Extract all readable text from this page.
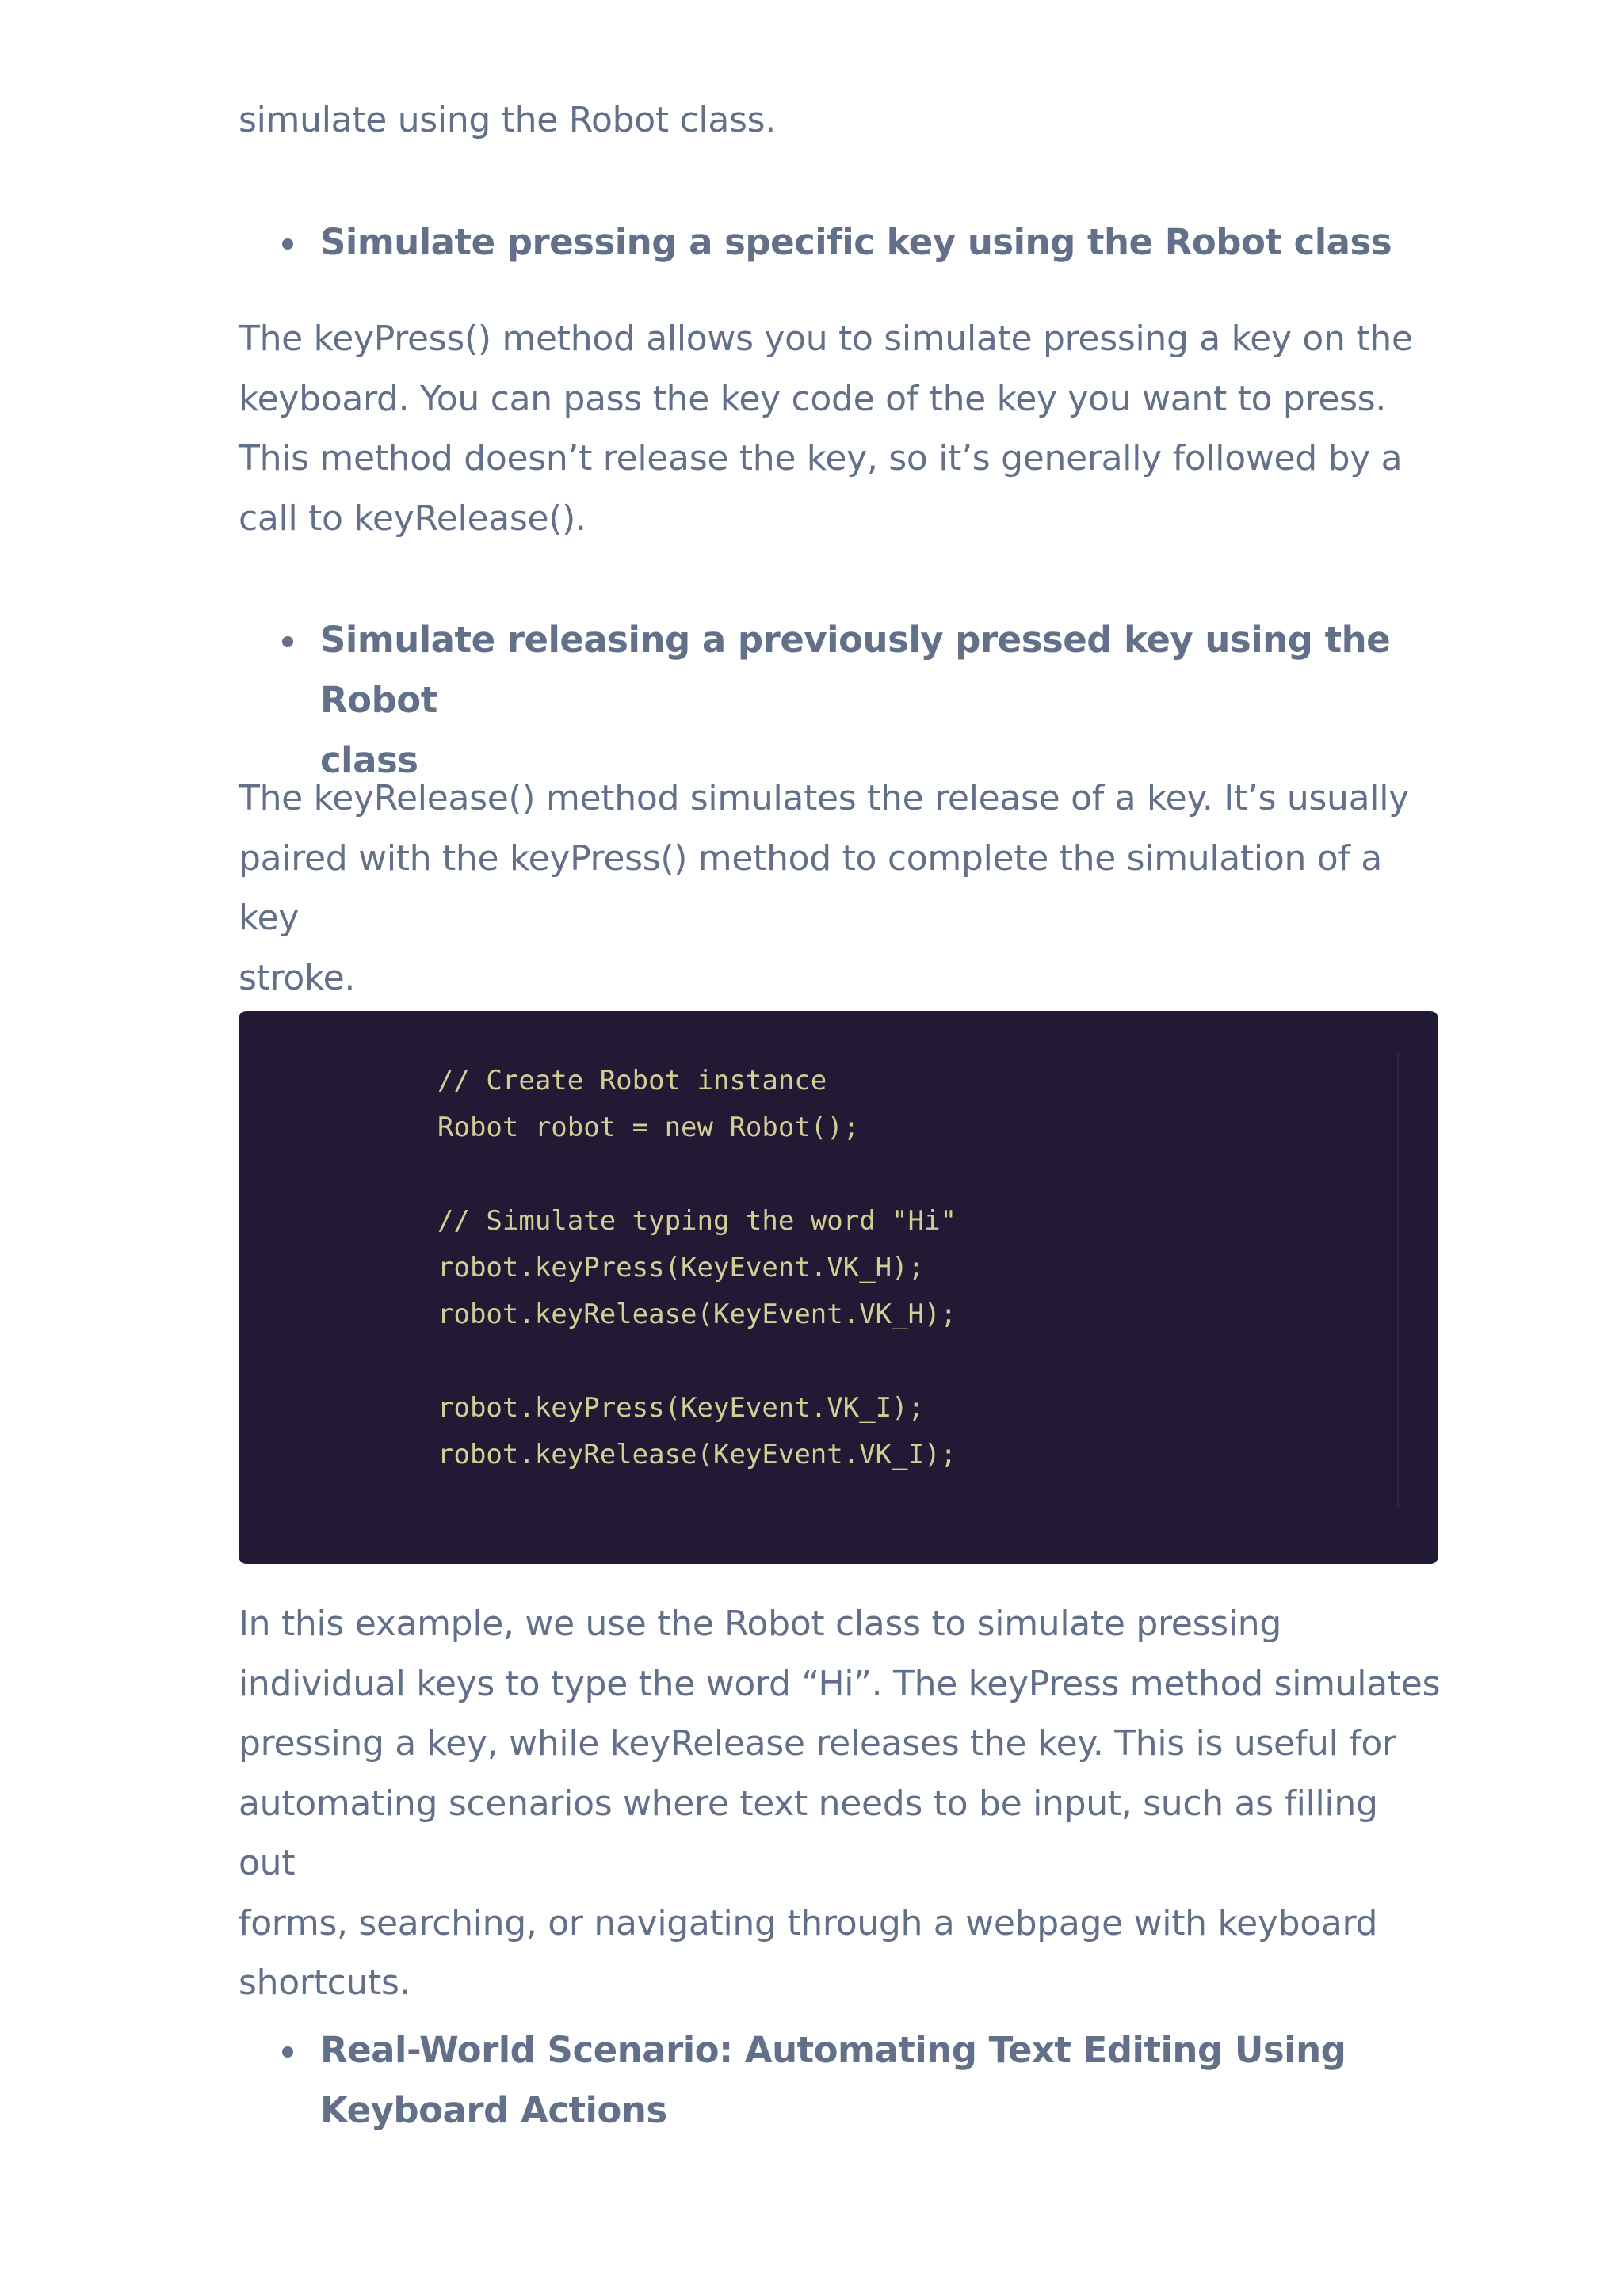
simulate using the Robot class.

Simulate pressing a specific key using the Robot class

The keyPress() method allows you to simulate pressing a key on the
keyboard. You can pass the key code of the key you want to press.
This method doesn’t release the key, so it’s generally followed by a
call to keyRelease().

Simulate releasing a previously pressed key using the Robot
class

The keyRelease() method simulates the release of a key. It’s usually
paired with the keyPress() method to complete the simulation of a key
stroke.

// Create Robot instance
Robot robot = new Robot();
// Simulate typing the word "Hi"
robot.keyPress(KeyEvent.VK_H);
robot.keyRelease(KeyEvent.VK_H);
robot.keyPress(KeyEvent.VK_I);
robot.keyRelease(KeyEvent.VK_I);

In this example, we use the Robot class to simulate pressing
individual keys to type the word “Hi”. The keyPress method simulates
pressing a key, while keyRelease releases the key. This is useful for
automating scenarios where text needs to be input, such as filling out
forms, searching, or navigating through a webpage with keyboard
shortcuts.

Real-World Scenario: Automating Text Editing Using
Keyboard Actions
